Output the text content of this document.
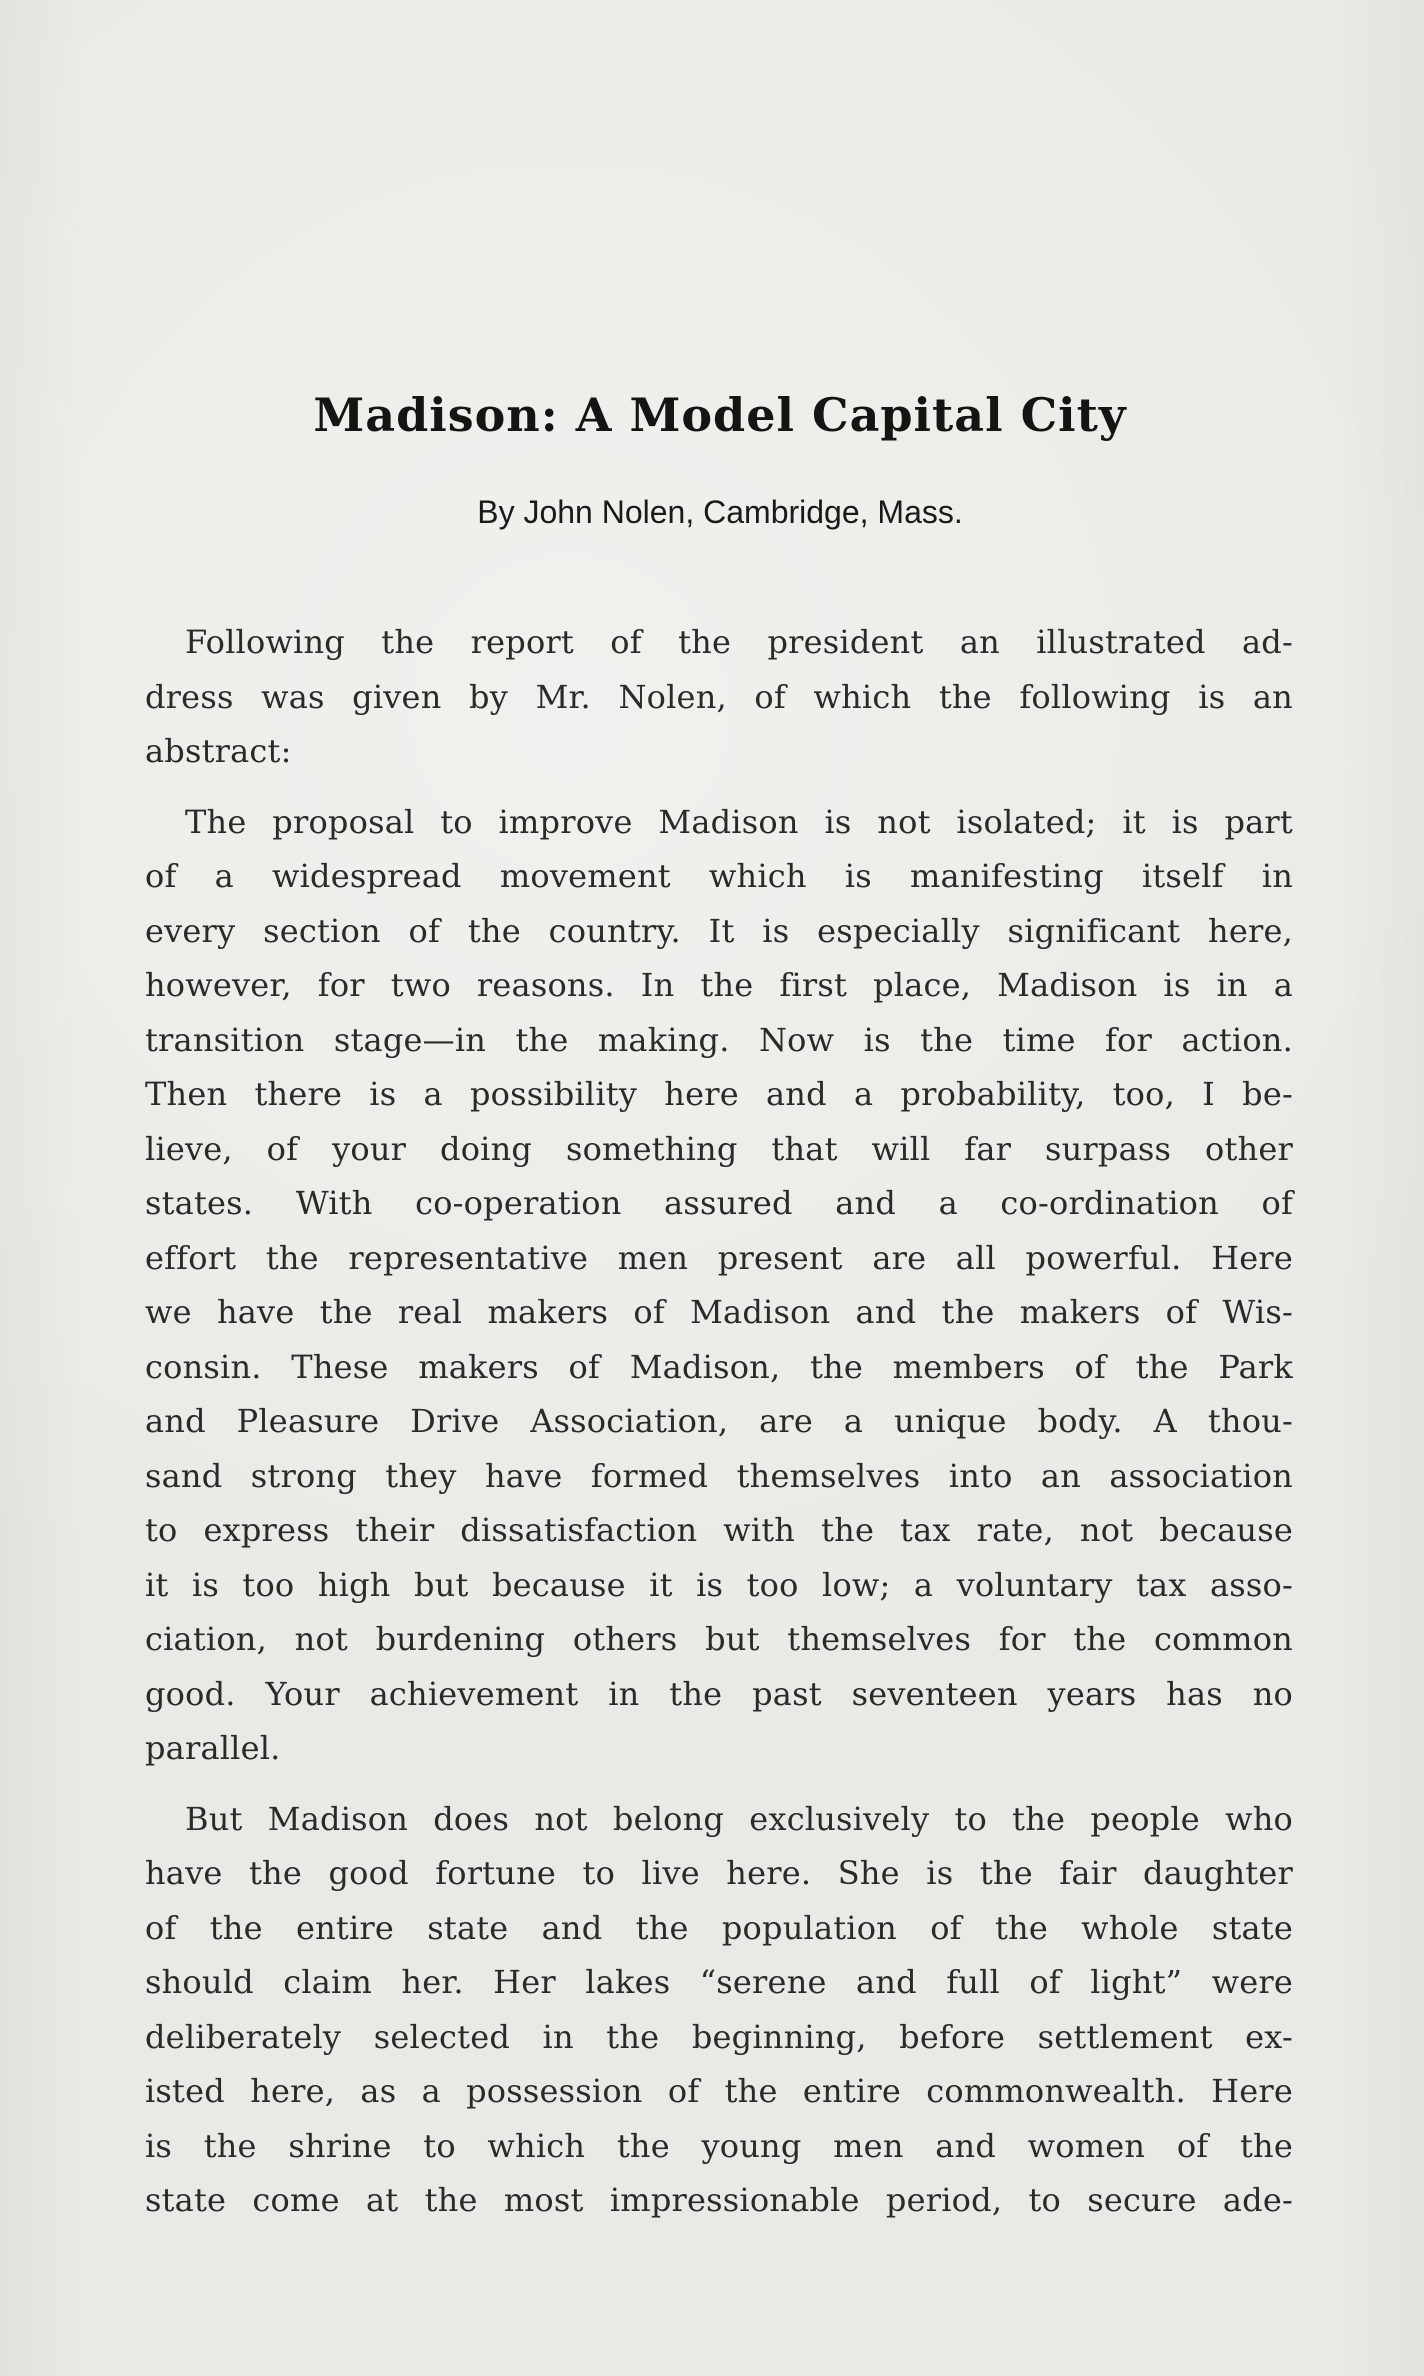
Madison: A Model Capital City
By John Nolen, Cambridge, Mass.
Following the report of the president an illustrated ad-
dress was given by Mr. Nolen, of which the following is an
abstract:
The proposal to improve Madison is not isolated; it is part
of a widespread movement which is manifesting itself in
every section of the country. It is especially significant here,
however, for two reasons. In the first place, Madison is in a
transition stage—in the making. Now is the time for action.
Then there is a possibility here and a probability, too, I be-
lieve, of your doing something that will far surpass other
states. With co-operation assured and a co-ordination of
effort the representative men present are all powerful. Here
we have the real makers of Madison and the makers of Wis-
consin. These makers of Madison, the members of the Park
and Pleasure Drive Association, are a unique body. A thou-
sand strong they have formed themselves into an association
to express their dissatisfaction with the tax rate, not because
it is too high but because it is too low; a voluntary tax asso-
ciation, not burdening others but themselves for the common
good. Your achievement in the past seventeen years has no
parallel.
But Madison does not belong exclusively to the people who
have the good fortune to live here. She is the fair daughter
of the entire state and the population of the whole state
should claim her. Her lakes “serene and full of light” were
deliberately selected in the beginning, before settlement ex-
isted here, as a possession of the entire commonwealth. Here
is the shrine to which the young men and women of the
state come at the most impressionable period, to secure ade-
